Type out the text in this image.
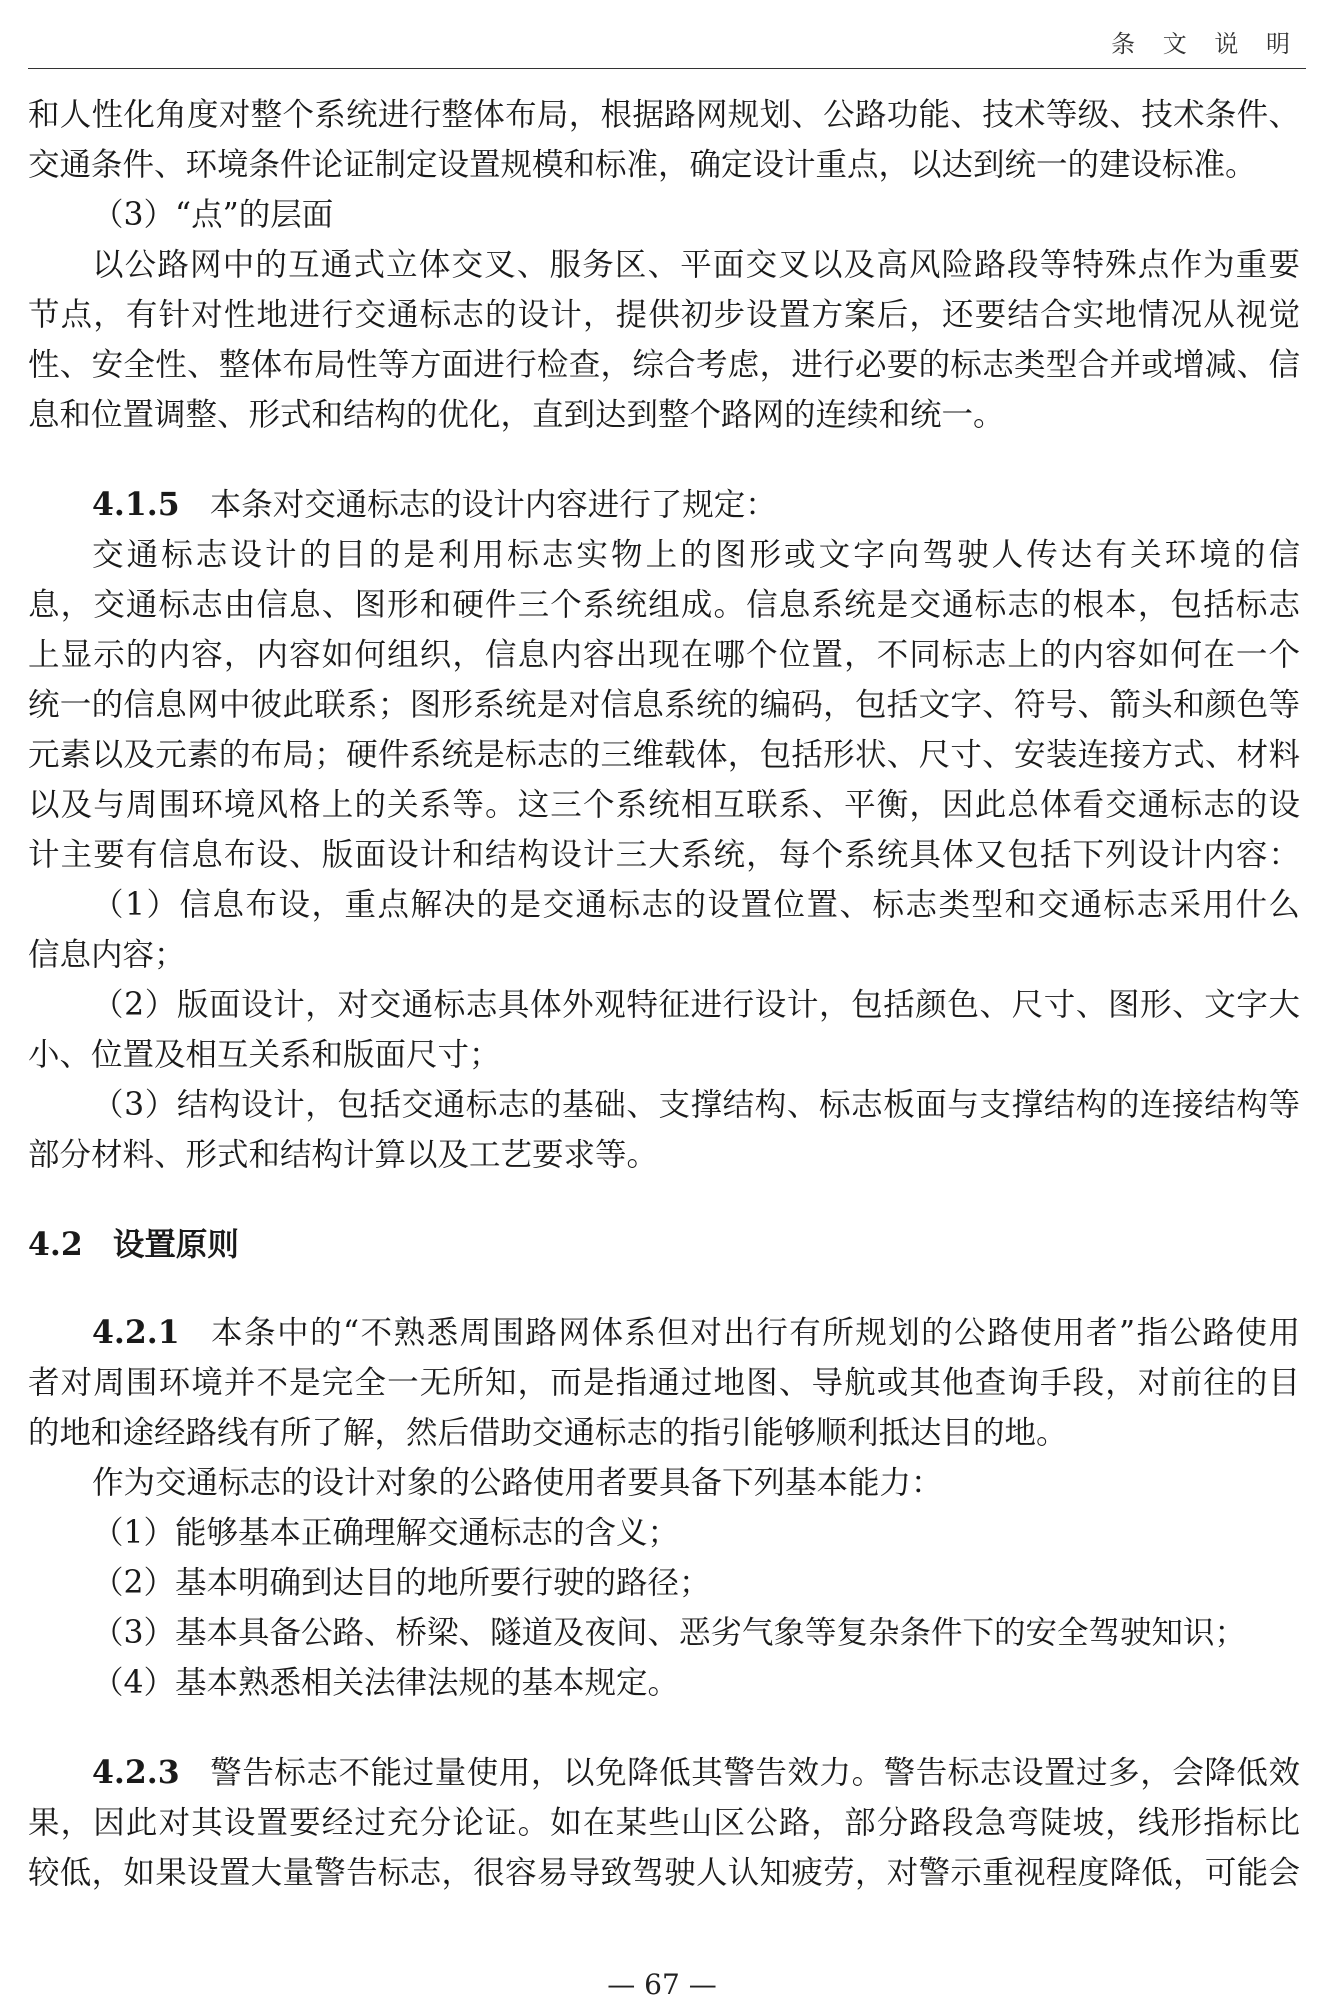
条 文 说 明
和人性化角度对整个系统进行整体布局，根据路网规划、公路功能、技术等级、技术条件、
交通条件、环境条件论证制定设置规模和标准，确定设计重点，以达到统一的建设标准。
（3）“点”的层面
以公路网中的互通式立体交叉、服务区、平面交叉以及高风险路段等特殊点作为重要
节点，有针对性地进行交通标志的设计，提供初步设置方案后，还要结合实地情况从视觉
性、安全性、整体布局性等方面进行检查，综合考虑，进行必要的标志类型合并或增减、信
息和位置调整、形式和结构的优化，直到达到整个路网的连续和统一。
4.1.5 本条对交通标志的设计内容进行了规定：
交通标志设计的目的是利用标志实物上的图形或文字向驾驶人传达有关环境的信
息，交通标志由信息、图形和硬件三个系统组成。信息系统是交通标志的根本，包括标志
上显示的内容，内容如何组织，信息内容出现在哪个位置，不同标志上的内容如何在一个
统一的信息网中彼此联系；图形系统是对信息系统的编码，包括文字、符号、箭头和颜色等
元素以及元素的布局；硬件系统是标志的三维载体，包括形状、尺寸、安装连接方式、材料
以及与周围环境风格上的关系等。这三个系统相互联系、平衡，因此总体看交通标志的设
计主要有信息布设、版面设计和结构设计三大系统，每个系统具体又包括下列设计内容：
（1）信息布设，重点解决的是交通标志的设置位置、标志类型和交通标志采用什么
信息内容；
（2）版面设计，对交通标志具体外观特征进行设计，包括颜色、尺寸、图形、文字大
小、位置及相互关系和版面尺寸；
（3）结构设计，包括交通标志的基础、支撑结构、标志板面与支撑结构的连接结构等
部分材料、形式和结构计算以及工艺要求等。
4.2 设置原则
4.2.1 本条中的“不熟悉周围路网体系但对出行有所规划的公路使用者”指公路使用
者对周围环境并不是完全一无所知，而是指通过地图、导航或其他查询手段，对前往的目
的地和途经路线有所了解，然后借助交通标志的指引能够顺利抵达目的地。
作为交通标志的设计对象的公路使用者要具备下列基本能力：
（1）能够基本正确理解交通标志的含义；
（2）基本明确到达目的地所要行驶的路径；
（3）基本具备公路、桥梁、隧道及夜间、恶劣气象等复杂条件下的安全驾驶知识；
（4）基本熟悉相关法律法规的基本规定。
4.2.3 警告标志不能过量使用，以免降低其警告效力。警告标志设置过多，会降低效
果，因此对其设置要经过充分论证。如在某些山区公路，部分路段急弯陡坡，线形指标比
较低，如果设置大量警告标志，很容易导致驾驶人认知疲劳，对警示重视程度降低，可能会
— 67 —
